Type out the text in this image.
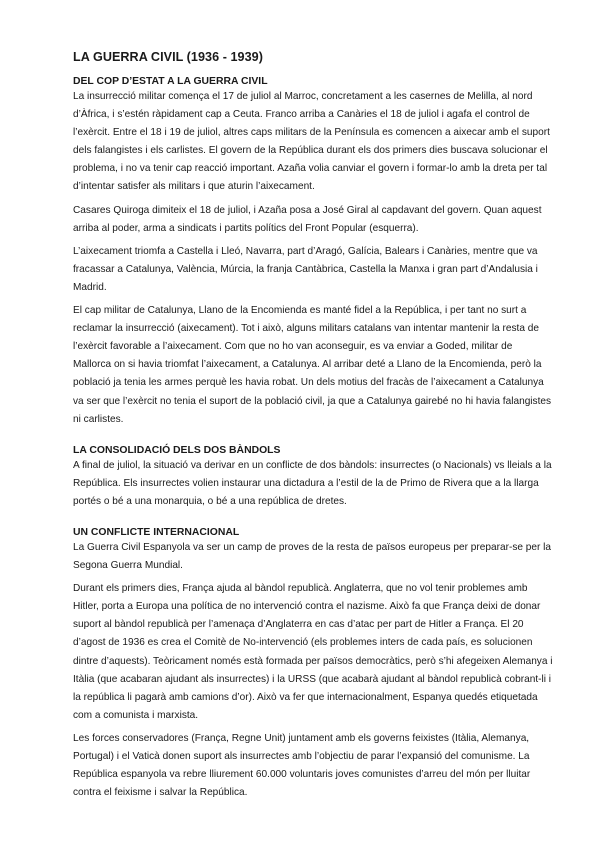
LA GUERRA CIVIL (1936 - 1939)
DEL COP D’ESTAT A LA GUERRA CIVIL

La insurrecció militar comença el 17 de juliol al Marroc, concretament a les casernes de Melilla, al nord d’Àfrica, i s’estén ràpidament cap a Ceuta. Franco arriba a Canàries el 18 de juliol i agafa el control de l’exèrcit. Entre el 18 i 19 de juliol, altres caps militars de la Península es comencen a aixecar amb el suport dels falangistes i els carlistes. El govern de la República durant els dos primers dies buscava solucionar el problema, i no va tenir cap reacció important. Azaña volia canviar el govern i formar-lo amb la dreta per tal d’intentar satisfer als militars i que aturin l’aixecament.

Casares Quiroga dimiteix el 18 de juliol, i Azaña posa a José Giral al capdavant del govern. Quan aquest arriba al poder, arma a sindicats i partits polítics del Front Popular (esquerra).

L’aixecament triomfa a Castella i Lleó, Navarra, part d’Aragó, Galícia, Balears i Canàries, mentre que va fracassar a Catalunya, València, Múrcia, la franja Cantàbrica, Castella la Manxa i gran part d’Andalusia i Madrid.

El cap militar de Catalunya, Llano de la Encomienda es manté fidel a la República, i per tant no surt a reclamar la insurrecció (aixecament). Tot i això, alguns militars catalans van intentar mantenir la resta de l’exèrcit favorable a l’aixecament. Com que no ho van aconseguir, es va enviar a Goded, militar de Mallorca on si havia triomfat l’aixecament, a Catalunya. Al arribar deté a Llano de la Encomienda, però la població ja tenia les armes perquè les havia robat. Un dels motius del fracàs de l’aixecament a Catalunya va ser que l’exèrcit no tenia el suport de la població civil, ja que a Catalunya gairebé no hi havia falangistes ni carlistes.

LA CONSOLIDACIÓ DELS DOS BÀNDOLS

A final de juliol, la situació va derivar en un conflicte de dos bàndols: insurrectes (o Nacionals) vs lleials a la República. Els insurrectes volien instaurar una dictadura a l’estil de la de Primo de Rivera que a la llarga portés o bé a una monarquia, o bé a una república de dretes.

UN CONFLICTE INTERNACIONAL

La Guerra Civil Espanyola va ser un camp de proves de la resta de països europeus per preparar-se per la Segona Guerra Mundial.

Durant els primers dies, França ajuda al bàndol republicà. Anglaterra, que no vol tenir problemes amb Hitler, porta a Europa una política de no intervenció contra el nazisme. Això fa que França deixi de donar suport al bàndol republicà per l’amenaça d’Anglaterra en cas d’atac per part de Hitler a França. El 20 d’agost de 1936 es crea el Comitè de No-intervenció (els problemes inters de cada país, es solucionen dintre d’aquests). Teòricament només està formada per països democràtics, però s’hi afegeixen Alemanya i Itàlia (que acabaran ajudant als insurrectes) i la URSS (que acabarà ajudant al bàndol republicà cobrant-li i la república li pagarà amb camions d’or). Això va fer que internacionalment, Espanya quedés etiquetada com a comunista i marxista.

Les forces conservadores (França, Regne Unit) juntament amb els governs feixistes (Itàlia, Alemanya, Portugal) i el Vaticà donen suport als insurrectes amb l’objectiu de parar l’expansió del comunisme. La República espanyola va rebre lliurement 60.000 voluntaris joves comunistes d’arreu del món per lluitar contra el feixisme i salvar la República.
